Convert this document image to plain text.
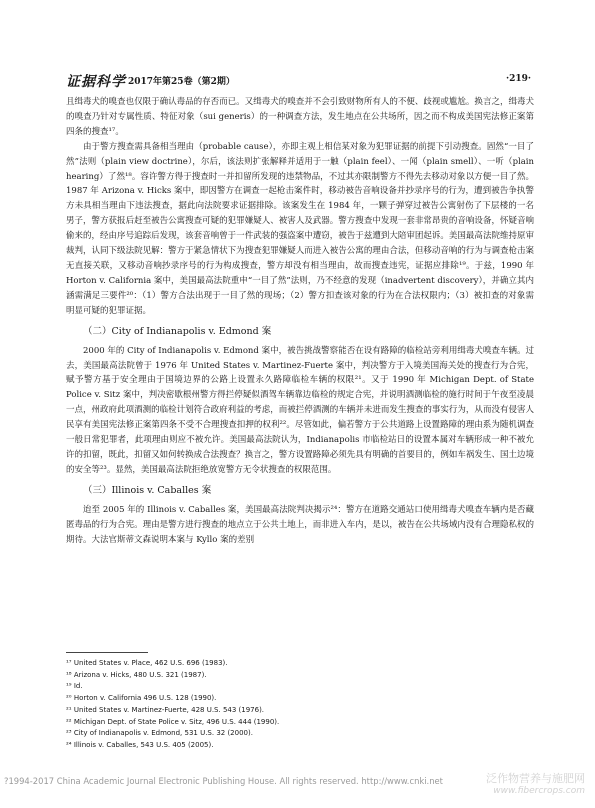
证据科学 2017年第25卷（第2期）	·219·

且缉毒犬的嗅查也仅限于确认毒品的存否而已。又缉毒犬的嗅查并不会引致财物所有人的不便、歧视或尴尬。换言之，缉毒犬的嗅查乃针对专属性质、特征对象（sui generis）的一种调查方法，发生地点在公共场所，因之而不构成美国宪法修正案第四条的搜查¹⁷。

由于警方搜查需具备相当理由（probable cause），亦即主观上相信某对象为犯罪证据的前提下引动搜查。固然“一目了然”法则（plain view doctrine），尔后，该法则扩张解释并适用于一触（plain feel）、一闻（plain smell）、一听（plain hearing）了然¹⁸。容许警方得于搜查时一并扣留所发现的违禁物品，不过其亦限制警方不得先去移动对象以方便一目了然。1987 年 Arizona v. Hicks 案中，即因警方在调查一起枪击案件时，移动被告音响设备并抄录序号的行为，遭到被告争执警方未具相当理由下违法搜查，据此向法院要求证据排除。该案发生在 1984 年，一颗子弹穿过被告公寓射伤了下层楼的一名男子，警方获报后赶至被告公寓搜查可疑的犯罪嫌疑人、被害人及武器。警方搜查中发现一套非常昂贵的音响设备，怀疑音响偷来的，经由序号追踪后发现，该套音响曾于一件武装的强盗案中遭窃，被告于兹遭到大陪审团起诉。美国最高法院维持原审裁判，认同下级法院见解：警方于紧急情状下为搜查犯罪嫌疑人而进入被告公寓的理由合法，但移动音响的行为与调查枪击案无直接关联，又移动音响抄录序号的行为构成搜查，警方却没有相当理由，故而搜查违宪，证据应排除¹⁹。于兹，1990 年 Horton v. California 案中，美国最高法院重申“一目了然”法则，乃不经意的发现（inadvertent discovery），并确立其内涵需满足三要件²⁰：（1）警方合法出现于一目了然的现场；（2）警方扣查该对象的行为在合法权限内；（3）被扣查的对象需明显可疑的犯罪证据。

（二）City of Indianapolis v. Edmond 案

2000 年的 City of Indianapolis v. Edmond 案中，被告挑战警察能否在设有路障的临检站旁利用缉毒犬嗅查车辆。过去，美国最高法院曾于 1976 年 United States v. Martinez-Fuerte 案中，判决警方于入境美国海关处的搜查行为合宪，赋予警方基于安全理由于国境边界的公路上设置永久路障临检车辆的权限²¹。又于 1990 年 Michigan Dept. of State Police v. Sitz 案中，判决密歇根州警方得拦停疑似酒驾车辆靠边临检的规定合宪，并说明酒测临检的施行时间于午夜至凌晨一点，州政府此项酒测的临检计划符合政府利益的考虑，而被拦停酒测的车辆并未进而发生搜查的事实行为，从而没有侵害人民享有美国宪法修正案第四条不受不合理搜查扣押的权利²²。尽管如此，偏若警方于公共道路上设置路障的理由系为随机调查一般日常犯罪者，此项理由则应不被允许。美国最高法院认为，Indianapolis 市临检站日的设置本属对车辆形成一种不被允许的扣留，既此，扣留又如何转换成合法搜查？换言之，警方设置路障必须先具有明确的首要目的，例如车祸发生、国土边境的安全等²³。显然，美国最高法院拒绝放宽警方无令状搜查的权限范围。

（三）Illinois v. Caballes 案

迨至 2005 年的 Illinois v. Caballes 案，美国最高法院判决揭示²⁴：警方在道路交通站口使用缉毒犬嗅查车辆内是否藏匿毒品的行为合宪。理由是警方进行搜查的地点立于公共土地上，而非进入车内，是以，被告在公共场域内没有合理隐私权的期待。大法官斯蒂文森说明本案与 Kyllo 案的差别

¹⁷ United States v. Place, 462 U.S. 696 (1983).
¹⁸ Arizona v. Hicks, 480 U.S. 321 (1987).
¹⁹ Id.
²⁰ Horton v. California 496 U.S. 128 (1990).
²¹ United States v. Martinez-Fuerte, 428 U.S. 543 (1976).
²² Michigan Dept. of State Police v. Sitz, 496 U.S. 444 (1990).
²³ City of Indianapolis v. Edmond, 531 U.S. 32 (2000).
²⁴ Illinois v. Caballes, 543 U.S. 405 (2005).
?1994-2017 China Academic Journal Electronic Publishing House. All rights reserved. http://www.cnki.net	泛作物营养与施肥网
www.fibercrops.com
